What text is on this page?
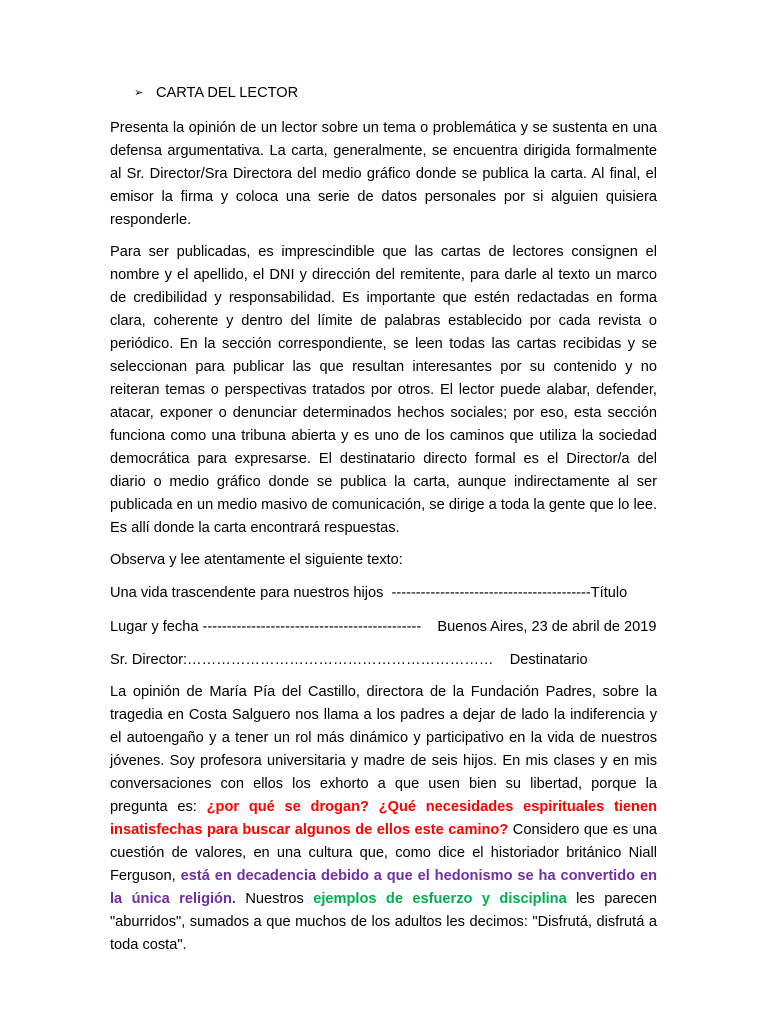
➢ CARTA DEL LECTOR

Presenta la opinión de un lector sobre un tema o problemática y se sustenta en una defensa argumentativa. La carta, generalmente, se encuentra dirigida formalmente al Sr. Director/Sra Directora del medio gráfico donde se publica la carta. Al final, el emisor la firma y coloca una serie de datos personales por si alguien quisiera responderle.

Para ser publicadas, es imprescindible que las cartas de lectores consignen el nombre y el apellido, el DNI y dirección del remitente, para darle al texto un marco de credibilidad y responsabilidad. Es importante que estén redactadas en forma clara, coherente y dentro del límite de palabras establecido por cada revista o periódico. En la sección correspondiente, se leen todas las cartas recibidas y se seleccionan para publicar las que resultan interesantes por su contenido y no reiteran temas o perspectivas tratados por otros. El lector puede alabar, defender, atacar, exponer o denunciar determinados hechos sociales; por eso, esta sección funciona como una tribuna abierta y es uno de los caminos que utiliza la sociedad democrática para expresarse. El destinatario directo formal es el Director/a del diario o medio gráfico donde se publica la carta, aunque indirectamente al ser publicada en un medio masivo de comunicación, se dirige a toda la gente que lo lee. Es allí donde la carta encontrará respuestas.

Observa y lee atentamente el siguiente texto:
Una vida trascendente para nuestros hijos  -----------------------------------------Título
Lugar y fecha ---------------------------------------------    Buenos Aires, 23 de abril de 2019
Sr. Director:………………………………………………………    Destinatario

La opinión de María Pía del Castillo, directora de la Fundación Padres, sobre la tragedia en Costa Salguero nos llama a los padres a dejar de lado la indiferencia y el autoengaño y a tener un rol más dinámico y participativo en la vida de nuestros jóvenes. Soy profesora universitaria y madre de seis hijos. En mis clases y en mis conversaciones con ellos los exhorto a que usen bien su libertad, porque la pregunta es: ¿por qué se drogan? ¿Qué necesidades espirituales tienen insatisfechas para buscar algunos de ellos este camino? Considero que es una cuestión de valores, en una cultura que, como dice el historiador británico Niall Ferguson, está en decadencia debido a que el hedonismo se ha convertido en la única religión. Nuestros ejemplos de esfuerzo y disciplina les parecen "aburridos", sumados a que muchos de los adultos les decimos: "Disfrutá, disfrutá a toda costa".
